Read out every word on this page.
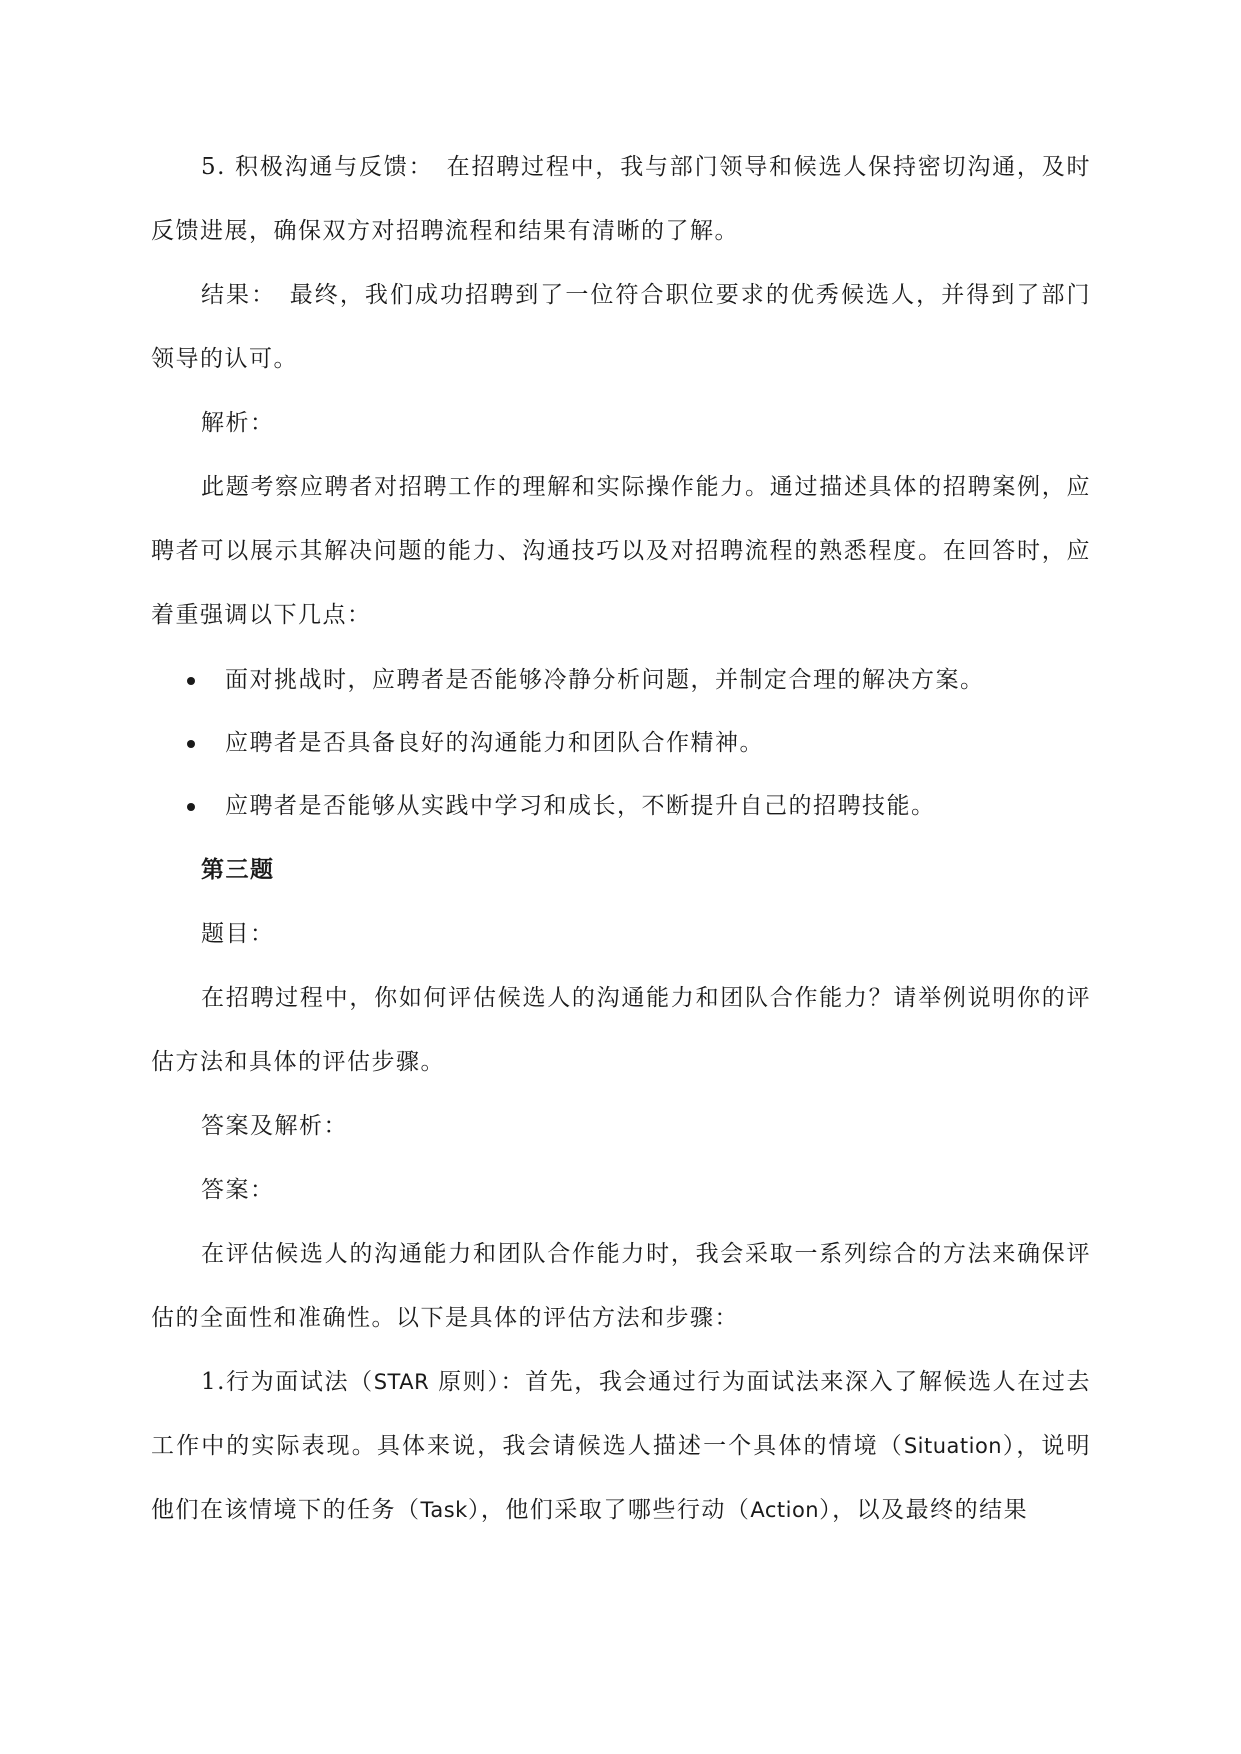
5. 积极沟通与反馈：　在招聘过程中，我与部门领导和候选人保持密切沟通，及时反馈进展，确保双方对招聘流程和结果有清晰的了解。

结果：　最终，我们成功招聘到了一位符合职位要求的优秀候选人，并得到了部门领导的认可。

解析：

此题考察应聘者对招聘工作的理解和实际操作能力。通过描述具体的招聘案例，应聘者可以展示其解决问题的能力、沟通技巧以及对招聘流程的熟悉程度。在回答时，应着重强调以下几点：

面对挑战时，应聘者是否能够冷静分析问题，并制定合理的解决方案。
应聘者是否具备良好的沟通能力和团队合作精神。
应聘者是否能够从实践中学习和成长，不断提升自己的招聘技能。

第三题

题目：

在招聘过程中，你如何评估候选人的沟通能力和团队合作能力？请举例说明你的评估方法和具体的评估步骤。

答案及解析：

答案：

在评估候选人的沟通能力和团队合作能力时，我会采取一系列综合的方法来确保评估的全面性和准确性。以下是具体的评估方法和步骤：

1.行为面试法（STAR 原则）：首先，我会通过行为面试法来深入了解候选人在过去工作中的实际表现。具体来说，我会请候选人描述一个具体的情境（Situation），说明他们在该情境下的任务（Task），他们采取了哪些行动（Action），以及最终的结果
